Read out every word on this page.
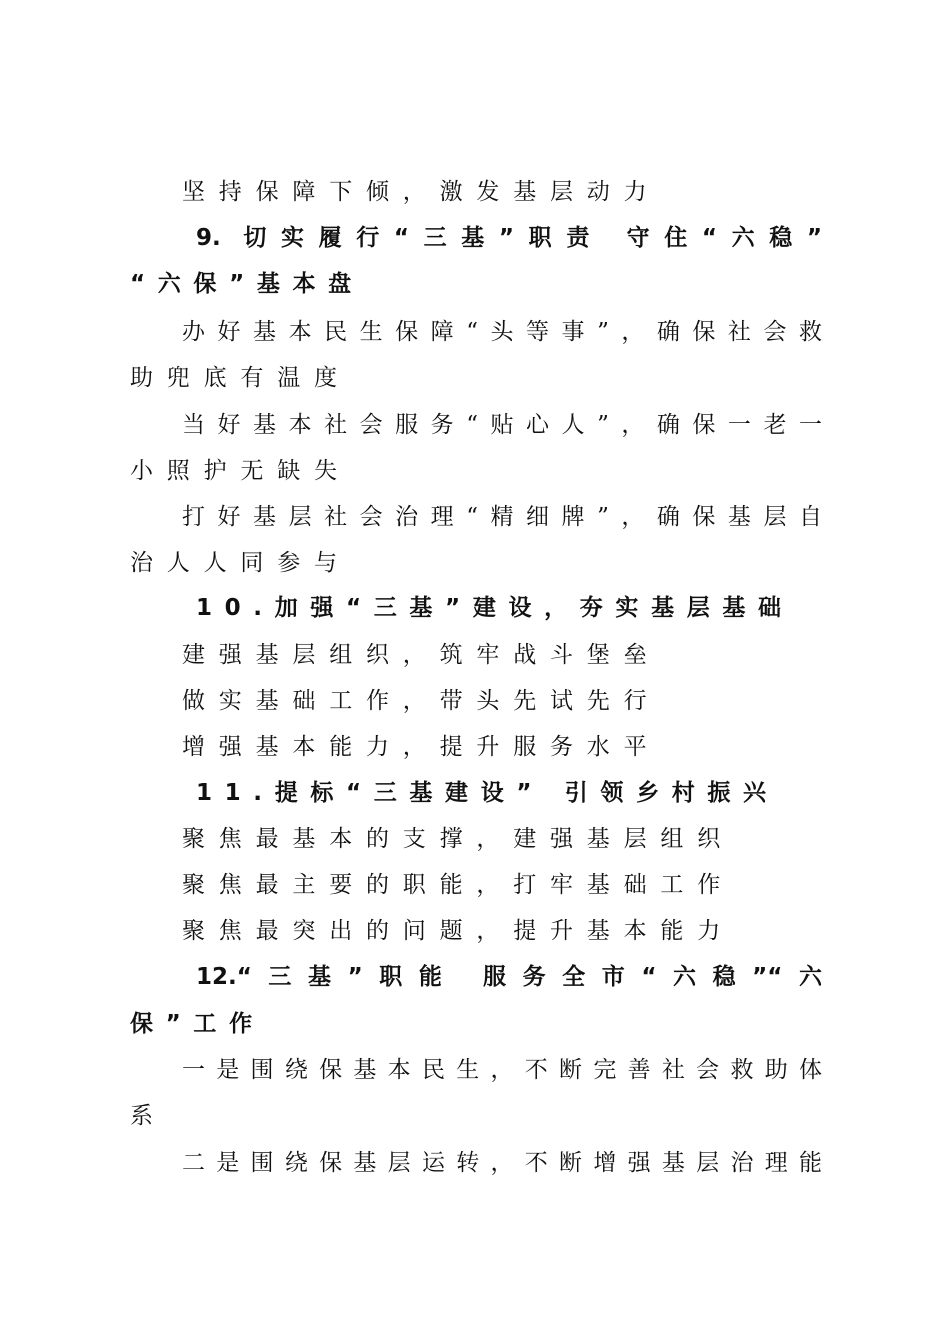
坚持保障下倾，激发基层动力
9. 切实履行“三基”职责 守住“六稳”
“六保”基本盘
办好基本民生保障“头等事”，确保社会救
助兜底有温度
当好基本社会服务“贴心人”，确保一老一
小照护无缺失
打好基层社会治理“精细牌”，确保基层自
治人人同参与
10.加强“三基”建设，夯实基层基础
建强基层组织，筑牢战斗堡垒
做实基础工作，带头先试先行
增强基本能力，提升服务水平
11.提标“三基建设” 引领乡村振兴
聚焦最基本的支撑，建强基层组织
聚焦最主要的职能，打牢基础工作
聚焦最突出的问题，提升基本能力
12.“三基”职能 服务全市“六稳”“六
保”工作
一是围绕保基本民生，不断完善社会救助体
系
二是围绕保基层运转，不断增强基层治理能
